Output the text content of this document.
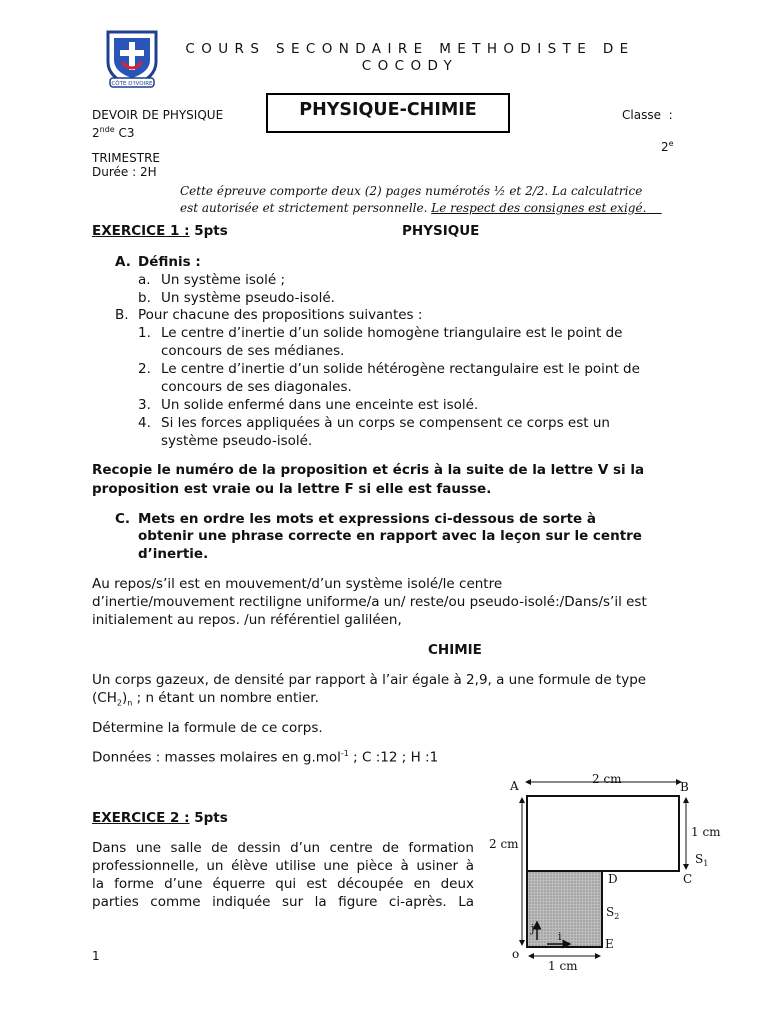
CÔTE D'IVOIRE
COURS SECONDAIRE METHODISTE DE
COCODY
DEVOIR DE PHYSIQUE
2nde C3
TRIMESTRE
Durée : 2H
PHYSIQUE-CHIMIE	Classe  :
2e
Cette épreuve comporte deux (2) pages numérotés ½ et 2/2. La calculatrice
est autorisée et strictement personnelle. Le respect des consignes est exigé.
EXERCICE 1 : 5pts	PHYSIQUE
A. Définis :
a. Un système isolé ;
b. Un système pseudo-isolé.
B. Pour chacune des propositions suivantes :
1. Le centre d’inertie d’un solide homogène triangulaire est le point de
concours de ses médianes.
2. Le centre d’inertie d’un solide hétérogène rectangulaire est le point de
concours de ses diagonales.
3. Un solide enfermé dans une enceinte est isolé.
4. Si les forces appliquées à un corps se compensent ce corps est un
système pseudo-isolé.
Recopie le numéro de la proposition et écris à la suite de la lettre V si la
proposition est vraie ou la lettre F si elle est fausse.
C. Mets en ordre les mots et expressions ci-dessous de sorte à
obtenir une phrase correcte en rapport avec la leçon sur le centre
d’inertie.
Au repos/s’il est en mouvement/d’un système isolé/le centre
d’inertie/mouvement rectiligne uniforme/a un/ reste/ou pseudo-isolé:/Dans/s’il est
initialement au repos. /un référentiel galiléen,
CHIMIE
Un corps gazeux, de densité par rapport à l’air égale à 2,9, a une formule de type
$(CH_2)_n$ ; n étant un nombre entier.
Détermine la formule de ce corps.
Données : masses molaires en g.mol$^{-1}$ ; C :12 ; H :1
EXERCICE 2 : 5pts
Dans une salle de dessin d’un centre de formation
professionnelle, un élève utilise une pièce à usiner à
la forme d’une équerre qui est découpée en deux
parties comme indiquée sur la figure ci-après. La
2 cm
A	B
C
D
E
o
2 cm
1 cm
$S_1$
$S_2$
j
i
1 cm
1
